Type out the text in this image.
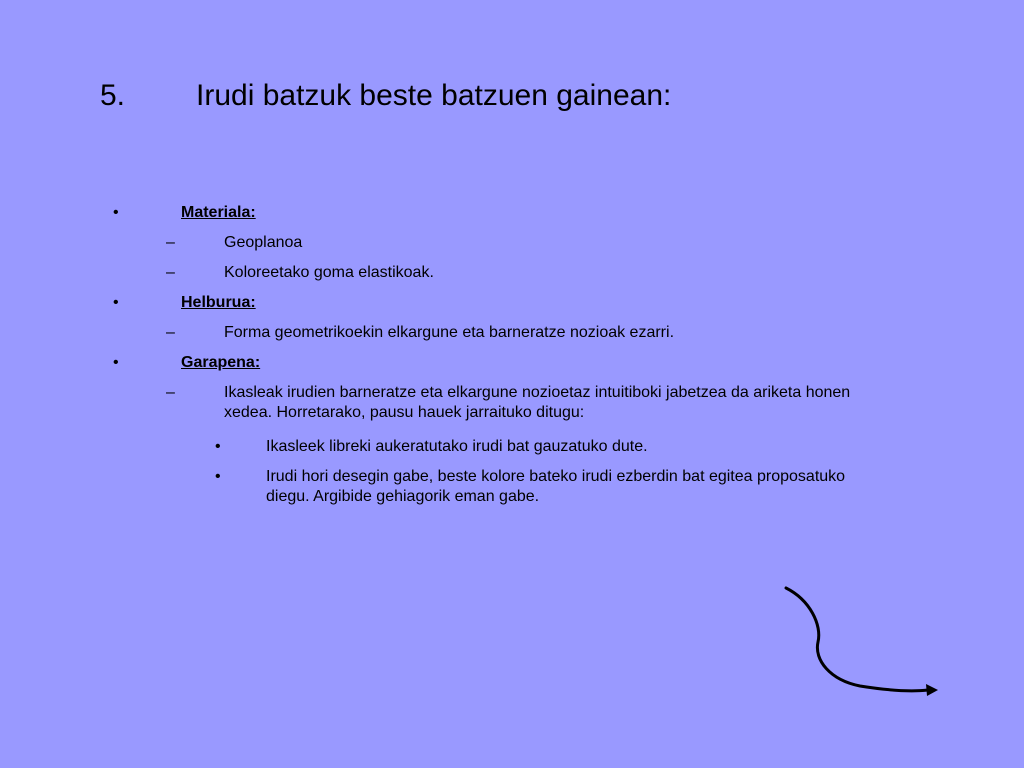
5. Irudi batzuk beste batzuen gainean:
•	Materiala:
–	Geoplanoa
–	Koloreetako goma elastikoak.
•	Helburua:
–	Forma geometrikoekin elkargune eta barneratze nozioak ezarri.
•	Garapena:
–	Ikasleak irudien barneratze eta elkargune nozioetaz intuitiboki jabetzea da ariketa honen xedea. Horretarako, pausu hauek jarraituko ditugu:
•	Ikasleek libreki aukeratutako irudi bat gauzatuko dute.
•	Irudi hori desegin gabe, beste kolore bateko irudi ezberdin bat egitea proposatuko diegu. Argibide gehiagorik eman gabe.
